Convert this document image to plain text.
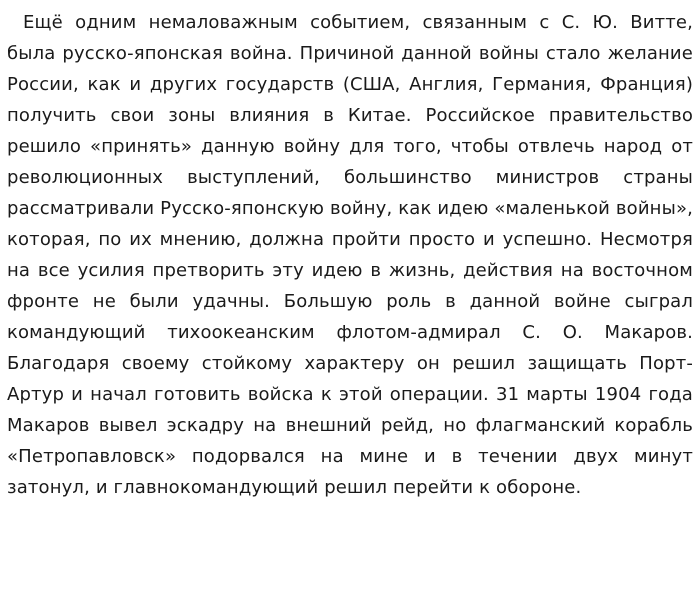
Ещё одним немаловажным событием, связанным с С. Ю. Витте, была русско-японская война. Причиной данной войны стало желание России, как и других государств (США, Англия, Германия, Франция) получить свои зоны влияния в Китае. Российское правительство решило «принять» данную войну для того, чтобы отвлечь народ от революционных выступлений, большинство министров страны рассматривали Русско-японскую войну, как идею «маленькой войны», которая, по их мнению, должна пройти просто и успешно. Несмотря на все усилия претворить эту идею в жизнь, действия на восточном фронте не были удачны. Большую роль в данной войне сыграл командующий тихоокеанским флотом-адмирал С. О. Макаров. Благодаря своему стойкому характеру он решил защищать Порт-Артур и начал готовить войска к этой операции. 31 марты 1904 года Макаров вывел эскадру на внешний рейд, но флагманский корабль «Петропавловск» подорвался на мине и в течении двух минут затонул, и главнокомандующий решил перейти к обороне.
